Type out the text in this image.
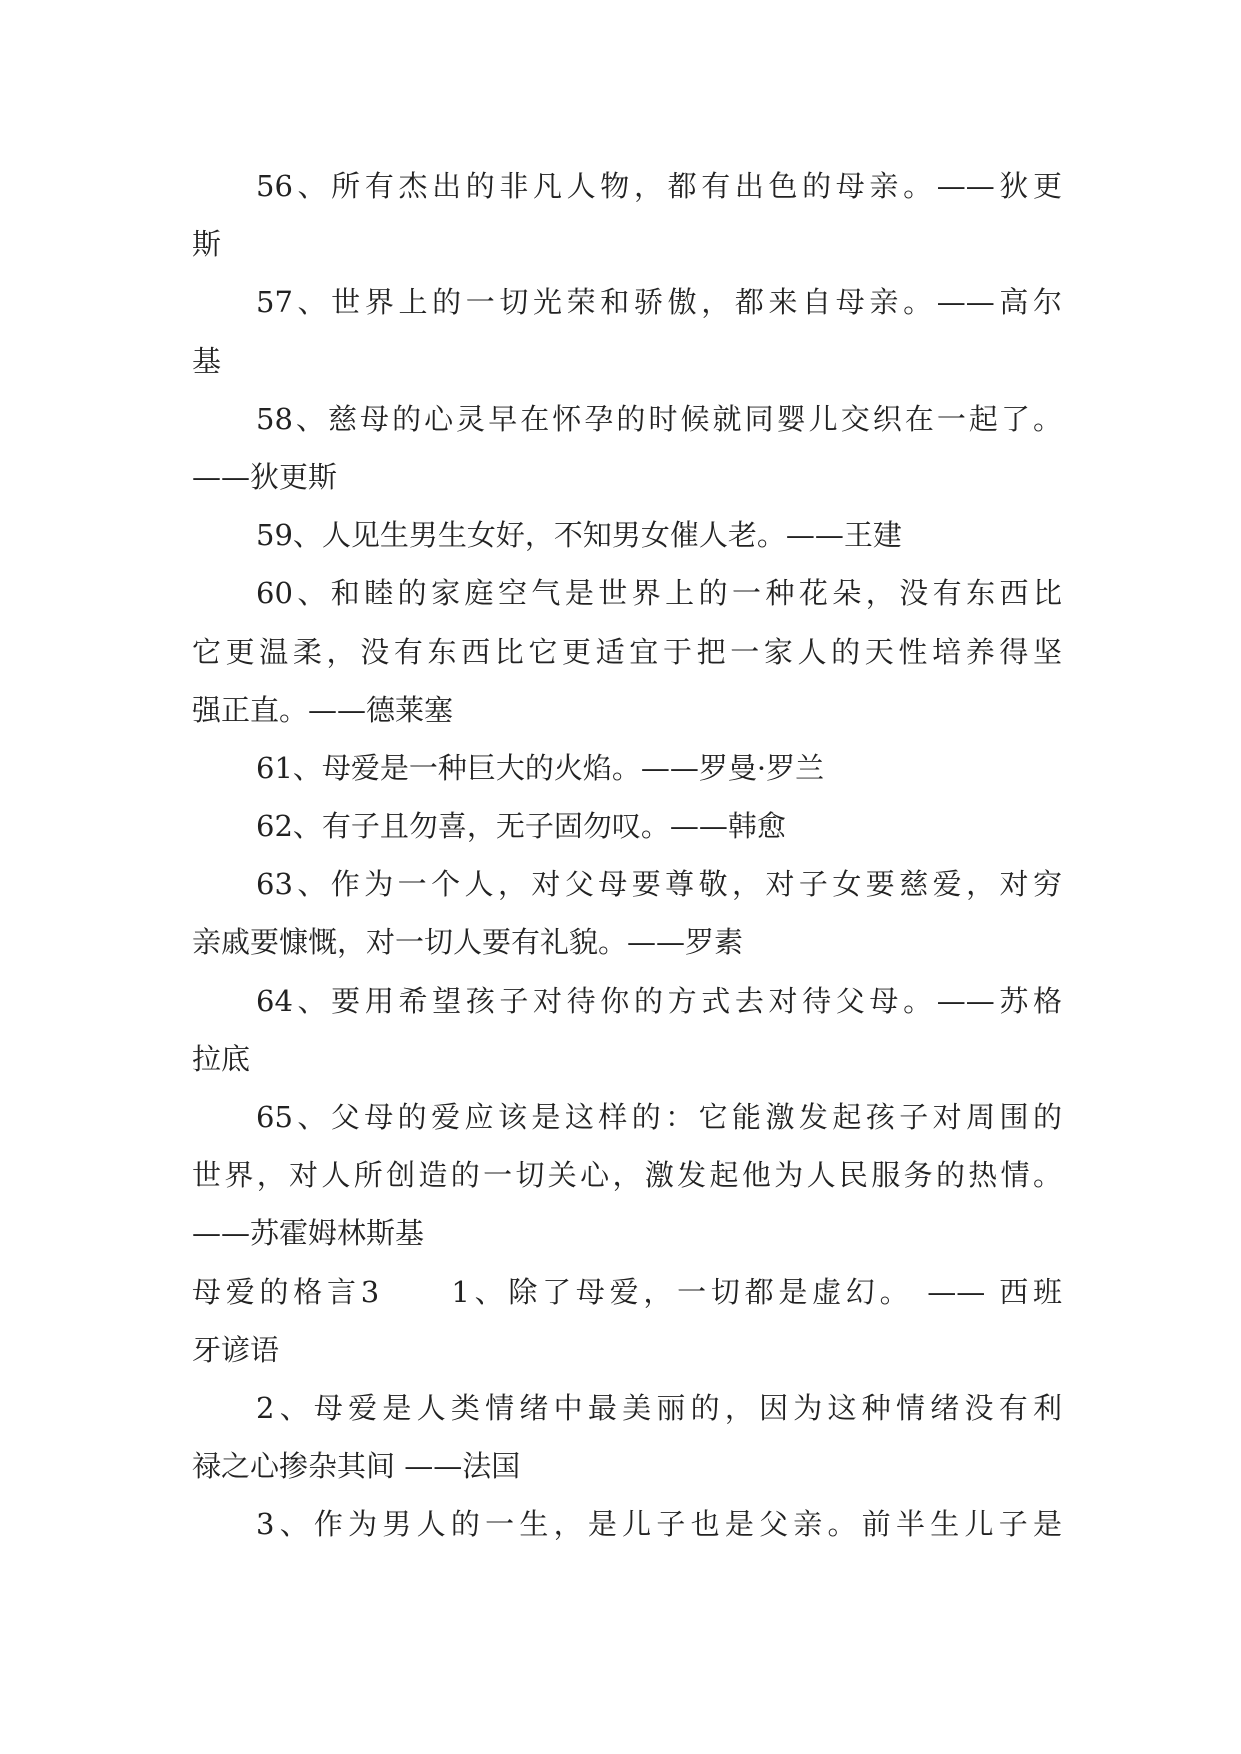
56、所有杰出的非凡人物，都有出色的母亲。——狄更
斯
57、世界上的一切光荣和骄傲，都来自母亲。——高尔
基
58、慈母的心灵早在怀孕的时候就同婴儿交织在一起了。
——狄更斯
59、人见生男生女好，不知男女催人老。——王建
60、和睦的家庭空气是世界上的一种花朵，没有东西比
它更温柔，没有东西比它更适宜于把一家人的天性培养得坚
强正直。——德莱塞
61、母爱是一种巨大的火焰。——罗曼·罗兰
62、有子且勿喜，无子固勿叹。——韩愈
63、作为一个人，对父母要尊敬，对子女要慈爱，对穷
亲戚要慷慨，对一切人要有礼貌。——罗素
64、要用希望孩子对待你的方式去对待父母。——苏格
拉底
65、父母的爱应该是这样的：它能激发起孩子对周围的
世界，对人所创造的一切关心，激发起他为人民服务的热情。
——苏霍姆林斯基
母爱的格言3　　1、除了母爱，一切都是虚幻。 —— 西班
牙谚语
2、母爱是人类情绪中最美丽的，因为这种情绪没有利
禄之心掺杂其间 ——法国
3、作为男人的一生，是儿子也是父亲。前半生儿子是
